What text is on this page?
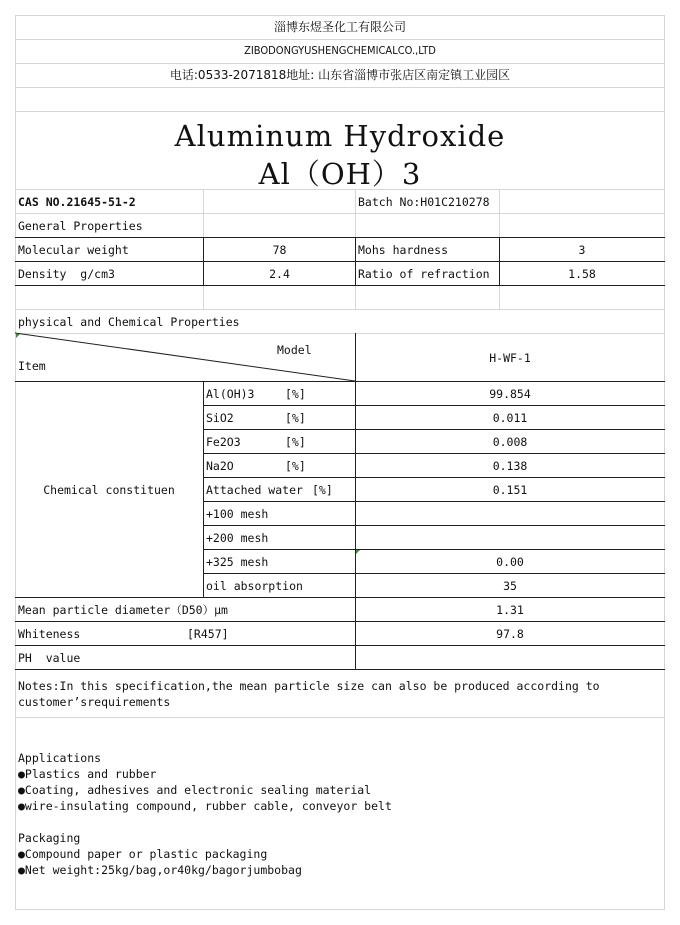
淄博东煜圣化工有限公司
ZIBODONGYUSHENGCHEMICALCO.,LTD
电话:0533-2071818地址: 山东省淄博市张店区南定镇工业园区
Aluminum Hydroxide
Al（OH）3
CAS NO.21645-51-2	Batch No:H01C210278
General Properties
Molecular weight	78	Mohs hardness	3
Density  g/cm3	2.4	Ratio of refraction	1.58
physical and Chemical Properties
Model
Item
H-WF-1
Chemical constituen
Al(OH)3	[%]	99.854
SiO2	[%]	0.011
Fe2O3	[%]	0.008
Na2O	[%]	0.138
Attached water [%]	0.151
+100 mesh
+200 mesh
+325 mesh	0.00
oil absorption	35
Mean particle diameter（D50）μm	1.31
Whiteness	[R457]	97.8
PH  value
Notes:In this specification,the mean particle size can also be produced according to
customer’srequirements
Applications
●Plastics and rubber
●Coating, adhesives and electronic sealing material
●wire-insulating compound, rubber cable, conveyor belt
Packaging
●Compound paper or plastic packaging
●Net weight:25kg/bag,or40kg/bagorjumbobag
